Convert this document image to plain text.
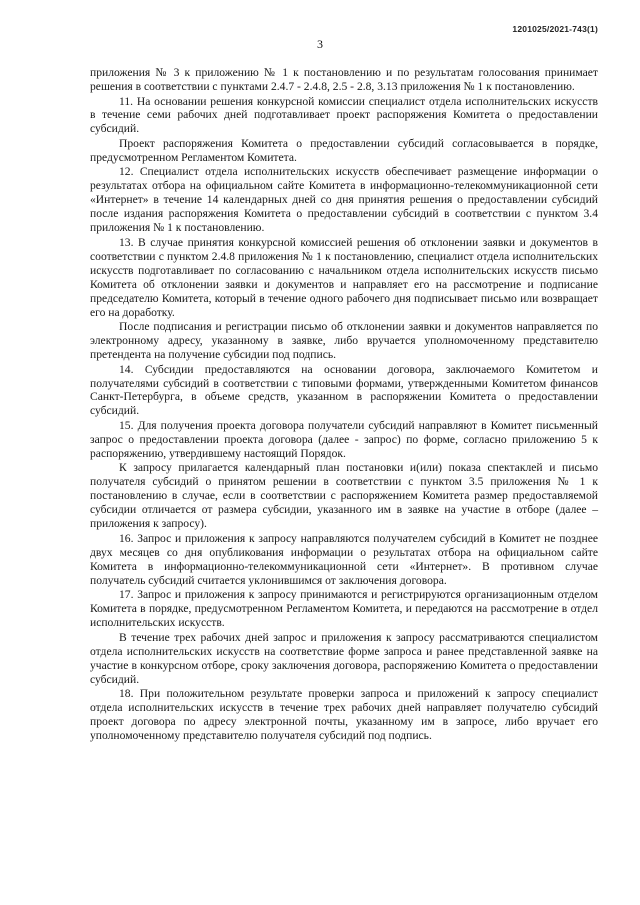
1201025/2021-743(1)
3

приложения № 3 к приложению № 1 к постановлению и по результатам голосования принимает решения в соответствии с пунктами 2.4.7 - 2.4.8, 2.5 - 2.8, 3.13 приложения № 1 к постановлению.

11. На основании решения конкурсной комиссии специалист отдела исполнительских искусств в течение семи рабочих дней подготавливает проект распоряжения Комитета о предоставлении субсидий.

Проект распоряжения Комитета о предоставлении субсидий согласовывается в порядке, предусмотренном Регламентом Комитета.

12. Специалист отдела исполнительских искусств обеспечивает размещение информации о результатах отбора на официальном сайте Комитета в информационно-телекоммуникационной сети «Интернет» в течение 14 календарных дней со дня принятия решения о предоставлении субсидий после издания распоряжения Комитета о предоставлении субсидий в соответствии с пунктом 3.4 приложения № 1 к постановлению.

13. В случае принятия конкурсной комиссией решения об отклонении заявки и документов в соответствии с пунктом 2.4.8 приложения № 1 к постановлению, специалист отдела исполнительских искусств подготавливает по согласованию с начальником отдела исполнительских искусств письмо Комитета об отклонении заявки и документов и направляет его на рассмотрение и подписание председателю Комитета, который в течение одного рабочего дня подписывает письмо или возвращает его на доработку.

После подписания и регистрации письмо об отклонении заявки и документов направляется по электронному адресу, указанному в заявке, либо вручается уполномоченному представителю претендента на получение субсидии под подпись.

14. Субсидии предоставляются на основании договора, заключаемого Комитетом и получателями субсидий в соответствии с типовыми формами, утвержденными Комитетом финансов Санкт-Петербурга, в объеме средств, указанном в распоряжении Комитета о предоставлении субсидий.

15. Для получения проекта договора получатели субсидий направляют в Комитет письменный запрос о предоставлении проекта договора (далее - запрос) по форме, согласно приложению 5 к распоряжению, утвердившему настоящий Порядок.

К запросу прилагается календарный план постановки и(или) показа спектаклей и письмо получателя субсидий о принятом решении в соответствии с пунктом 3.5 приложения № 1 к постановлению в случае, если в соответствии с распоряжением Комитета размер предоставляемой субсидии отличается от размера субсидии, указанного им в заявке на участие в отборе (далее – приложения к запросу).

16. Запрос и приложения к запросу направляются получателем субсидий в Комитет не позднее двух месяцев со дня опубликования информации о результатах отбора на официальном сайте Комитета в информационно-телекоммуникационной сети «Интернет». В противном случае получатель субсидий считается уклонившимся от заключения договора.

17. Запрос и приложения к запросу принимаются и регистрируются организационным отделом Комитета в порядке, предусмотренном Регламентом Комитета, и передаются на рассмотрение в отдел исполнительских искусств.

В течение трех рабочих дней запрос и приложения к запросу рассматриваются специалистом отдела исполнительских искусств на соответствие форме запроса и ранее представленной заявке на участие в конкурсном отборе, сроку заключения договора, распоряжению Комитета о предоставлении субсидий.

18. При положительном результате проверки запроса и приложений к запросу специалист отдела исполнительских искусств в течение трех рабочих дней направляет получателю субсидий проект договора по адресу электронной почты, указанному им в запросе, либо вручает его уполномоченному представителю получателя субсидий под подпись.
